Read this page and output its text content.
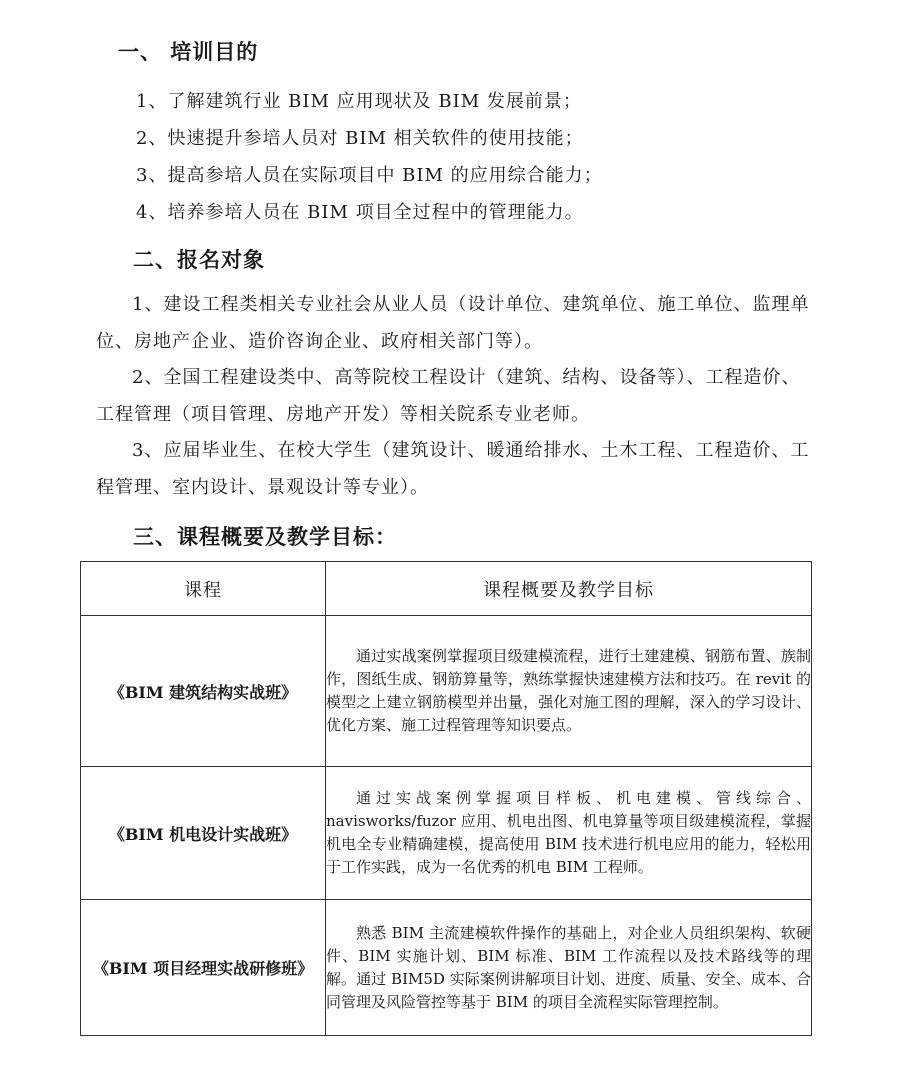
一、 培训目的
1、了解建筑行业 BIM 应用现状及 BIM 发展前景；
2、快速提升参培人员对 BIM 相关软件的使用技能；
3、提高参培人员在实际项目中 BIM 的应用综合能力；
4、培养参培人员在 BIM 项目全过程中的管理能力。
二、报名对象
1、建设工程类相关专业社会从业人员（设计单位、建筑单位、施工单位、监理单位、房地产企业、造价咨询企业、政府相关部门等）。
2、全国工程建设类中、高等院校工程设计（建筑、结构、设备等）、工程造价、工程管理（项目管理、房地产开发）等相关院系专业老师。
3、应届毕业生、在校大学生（建筑设计、暖通给排水、土木工程、工程造价、工程管理、室内设计、景观设计等专业）。
三、课程概要及教学目标：
课程	课程概要及教学目标
《BIM 建筑结构实战班》	通过实战案例掌握项目级建模流程，进行土建建模、钢筋布置、族制作，图纸生成、钢筋算量等，熟练掌握快速建模方法和技巧。在 revit 的模型之上建立钢筋模型并出量，强化对施工图的理解，深入的学习设计、优化方案、施工过程管理等知识要点。
《BIM 机电设计实战班》	通过实战案例掌握项目样板、机电建模、管线综合、navisworks/fuzor 应用、机电出图、机电算量等项目级建模流程，掌握机电全专业精确建模，提高使用 BIM 技术进行机电应用的能力，轻松用于工作实践，成为一名优秀的机电 BIM 工程师。
《BIM 项目经理实战研修班》	熟悉 BIM 主流建模软件操作的基础上，对企业人员组织架构、软硬件、BIM 实施计划、BIM 标准、BIM 工作流程以及技术路线等的理解。通过 BIM5D 实际案例讲解项目计划、进度、质量、安全、成本、合同管理及风险管控等基于 BIM 的项目全流程实际管理控制。
